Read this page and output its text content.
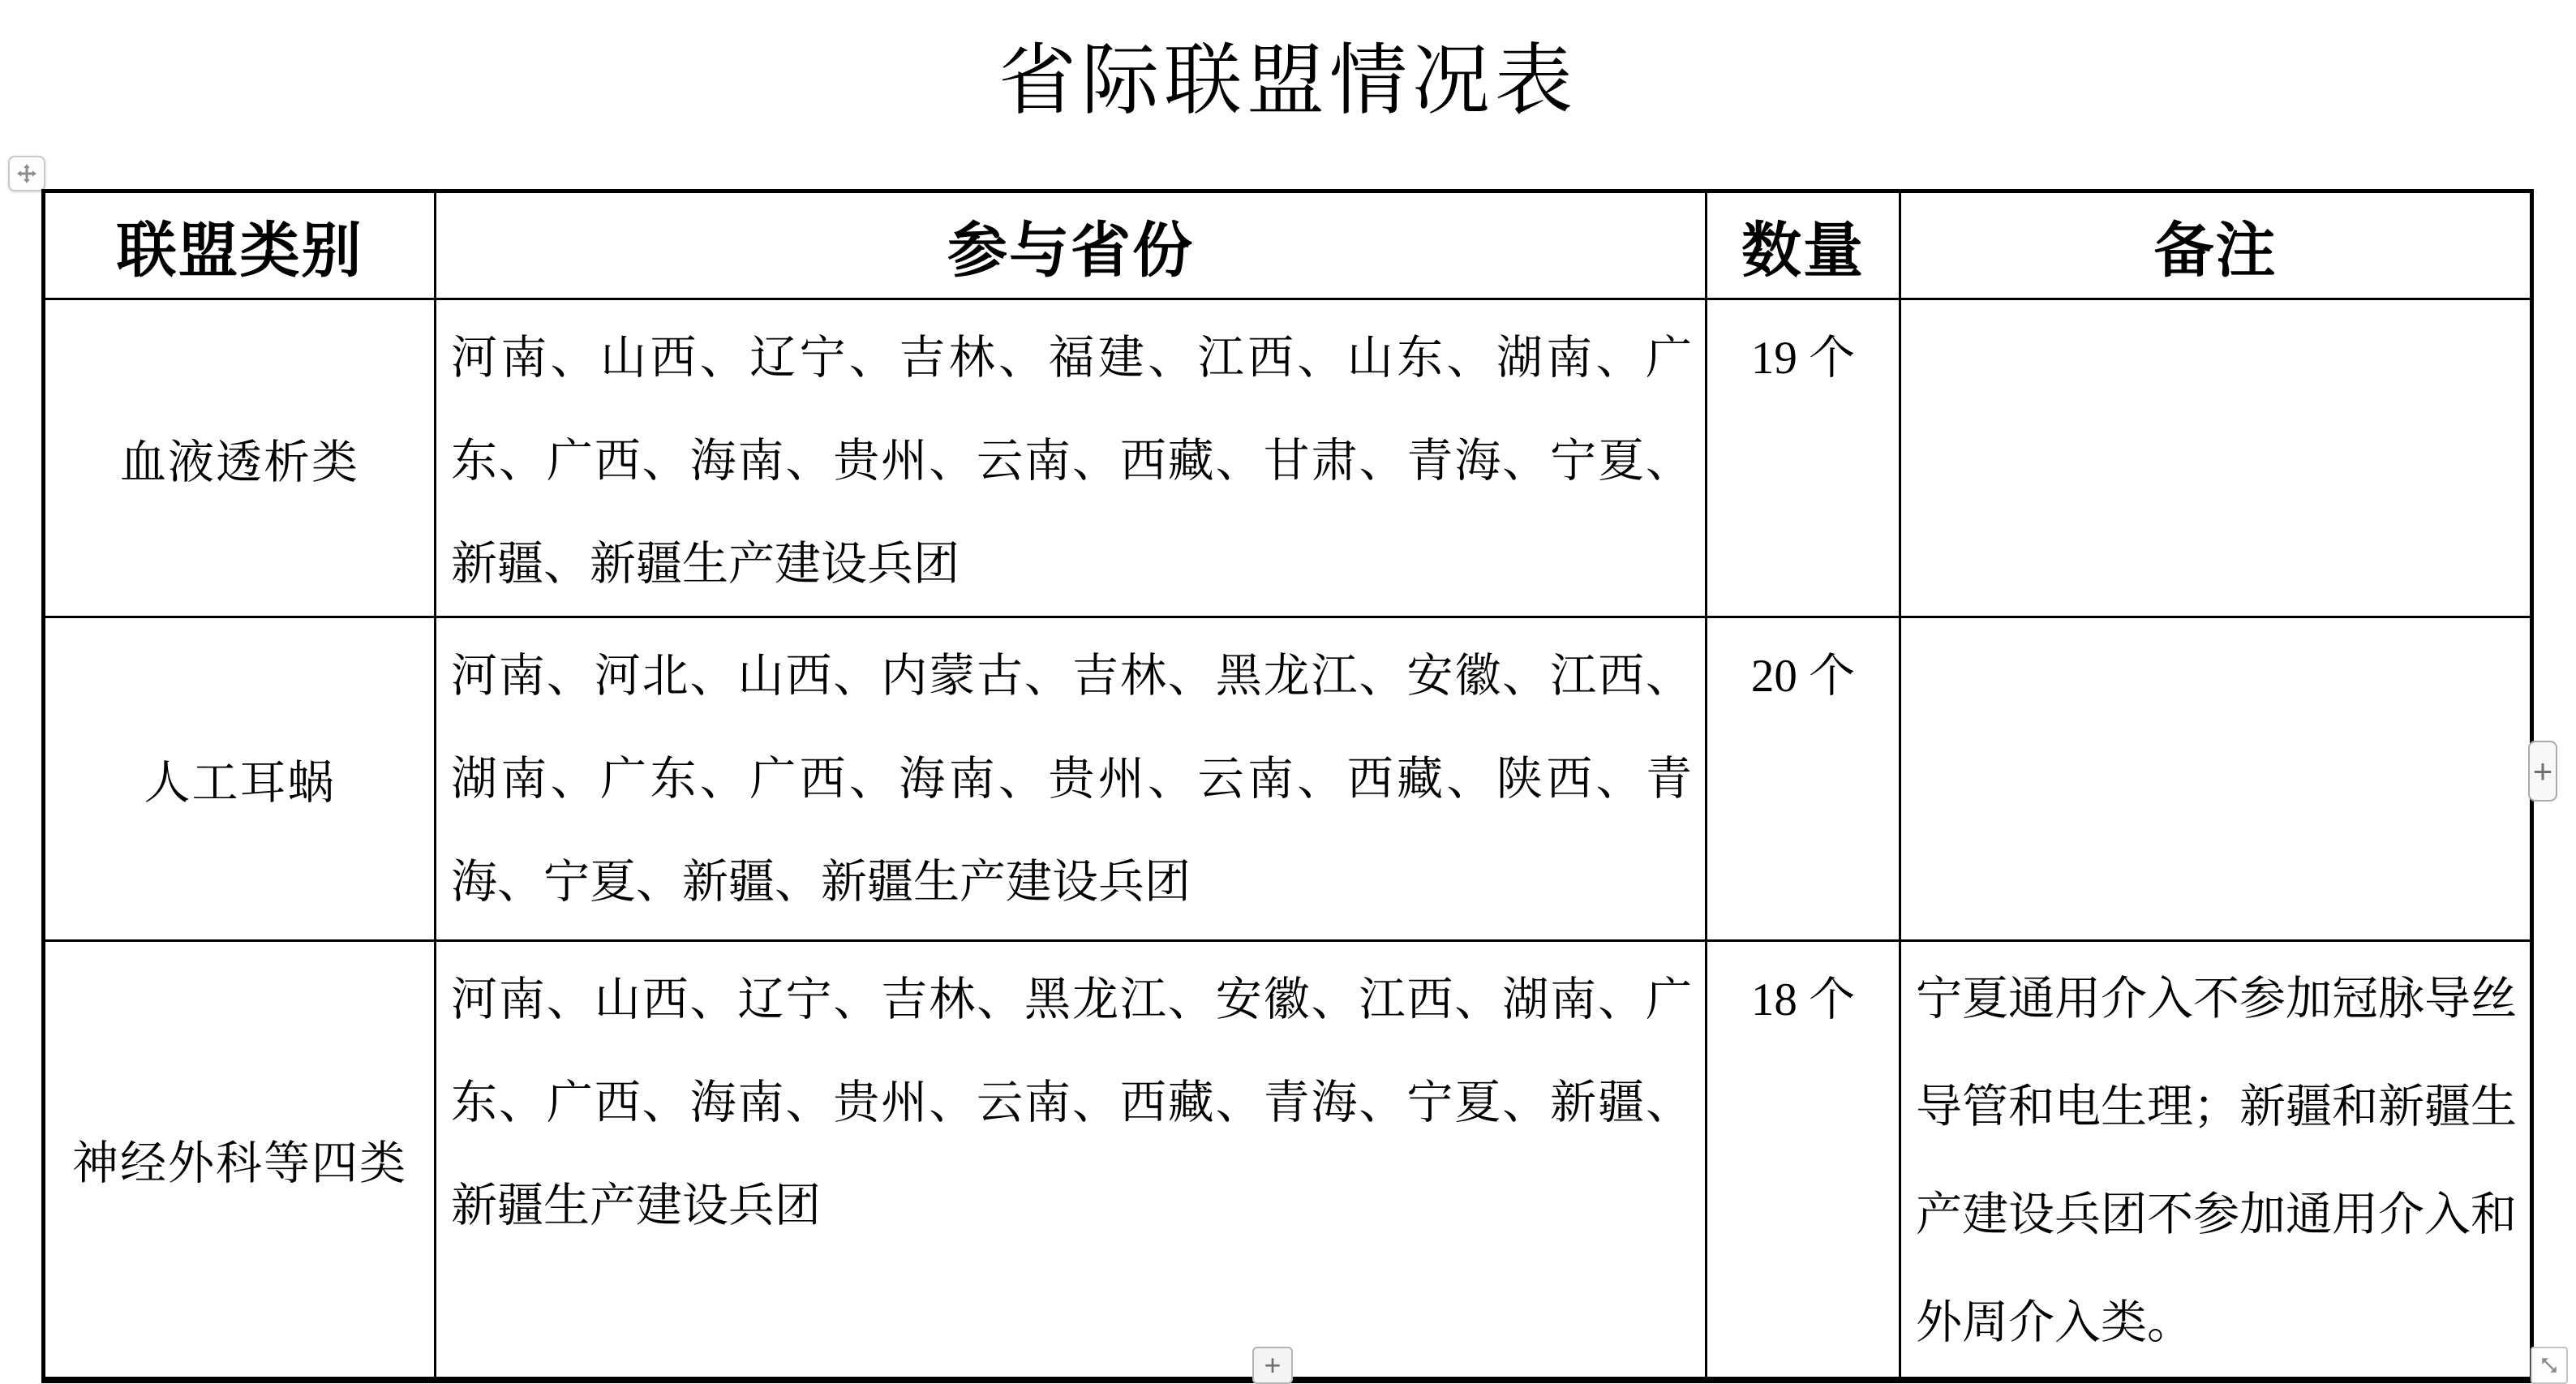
省际联盟情况表
联盟类别	参与省份	数量	备注
血液透析类	河南、山西、辽宁、吉林、福建、江西、山东、湖南、广东、广西、海南、贵州、云南、西藏、甘肃、青海、宁夏、新疆、新疆生产建设兵团	19 个	
人工耳蜗	河南、河北、山西、内蒙古、吉林、黑龙江、安徽、江西、湖南、广东、广西、海南、贵州、云南、西藏、陕西、青海、宁夏、新疆、新疆生产建设兵团	20 个	
神经外科等四类	河南、山西、辽宁、吉林、黑龙江、安徽、江西、湖南、广东、广西、海南、贵州、云南、西藏、青海、宁夏、新疆、新疆生产建设兵团	18 个	宁夏通用介入不参加冠脉导丝导管和电生理；新疆和新疆生产建设兵团不参加通用介入和外周介入类。
+
+
